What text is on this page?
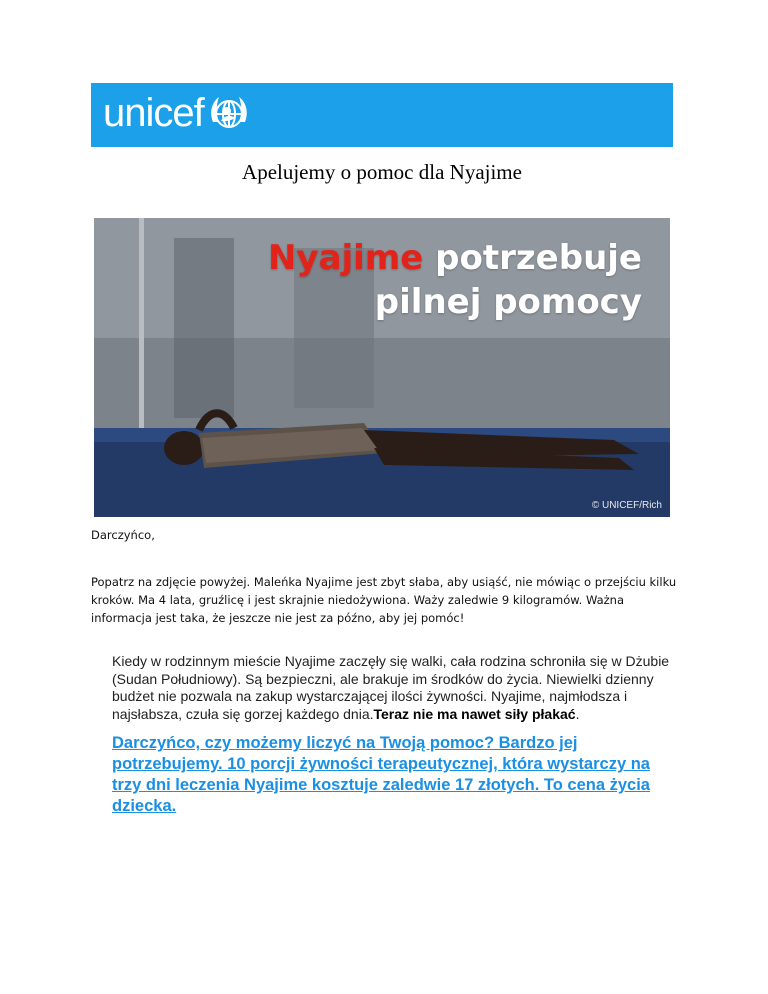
unicef
Apelujemy o pomoc dla Nyajime
Nyajime potrzebuje
pilnej pomocy
© UNICEF/Rich
Darczyńco,

Popatrz na zdjęcie powyżej. Maleńka Nyajime jest zbyt słaba, aby usiąść, nie mówiąc o przejściu kilku kroków. Ma 4 lata, gruźlicę i jest skrajnie niedożywiona. Waży zaledwie 9 kilogramów. Ważna informacja jest taka, że jeszcze nie jest za późno, aby jej pomóc!

Kiedy w rodzinnym mieście Nyajime zaczęły się walki, cała rodzina schroniła się w Dżubie (Sudan Południowy). Są bezpieczni, ale brakuje im środków do życia. Niewielki dzienny budżet nie pozwala na zakup wystarczającej ilości żywności. Nyajime, najmłodsza i najsłabsza, czuła się gorzej każdego dnia.Teraz nie ma nawet siły płakać.

Darczyńco, czy możemy liczyć na Twoją pomoc? Bardzo jej potrzebujemy. 10 porcji żywności terapeutycznej, która wystarczy na trzy dni leczenia Nyajime kosztuje zaledwie 17 złotych. To cena życia dziecka.
